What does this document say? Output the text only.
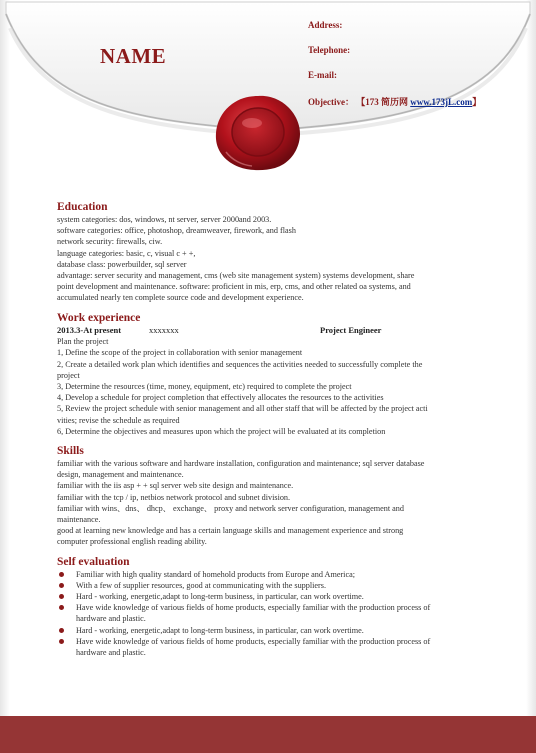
NAME
Address:
Telephone:
E-mail:
Objective： 【173 简历网 www.173jL.com】
Education
system categories: dos, windows, nt server, server 2000and 2003.
software categories: office, photoshop, dreamweaver, firework, and flash
network security: firewalls, ciw.
language categories: basic, c, visual c + +,
database class: powerbuilder, sql server
advantage: server security and management, cms (web site management system) systems development, share
point development and maintenance. software: proficient in mis, erp, cms, and other related oa systems, and
accumulated nearly ten complete source code and development experience.
Work experience
2013.3-At present	xxxxxxx	Project Engineer
Plan the project
1, Define the scope of the project in collaboration with senior management
2, Create a detailed work plan which identifies and sequences the activities needed to successfully complete the
project
3, Determine the resources (time, money, equipment, etc) required to complete the project
4, Develop a schedule for project completion that effectively allocates the resources to the activities
5, Review the project schedule with senior management and all other staff that will be affected by the project acti
vities; revise the schedule as required
6, Determine the objectives and measures upon which the project will be evaluated at its completion
Skills
familiar with the various software and hardware installation, configuration and maintenance; sql server database
design, management and maintenance.
familiar with the iis asp + + sql server web site design and maintenance.
familiar with the tcp / ip, netbios network protocol and subnet division.
familiar with wins、dns、 dhcp、 exchange、 proxy and network server configuration, management and
maintenance.
good at learning new knowledge and has a certain language skills and management experience and strong
computer professional english reading ability.
Self evaluation
Familiar with high quality standard of homehold products from Europe and America;
With a few of supplier resources, good at communicating with the suppliers.
Hard - working, energetic,adapt to long-term business, in particular, can work overtime.
Have wide knowledge of various fields of home products, especially familiar with the production process of
hardware and plastic.
Hard - working, energetic,adapt to long-term business, in particular, can work overtime.
Have wide knowledge of various fields of home products, especially familiar with the production process of
hardware and plastic.
